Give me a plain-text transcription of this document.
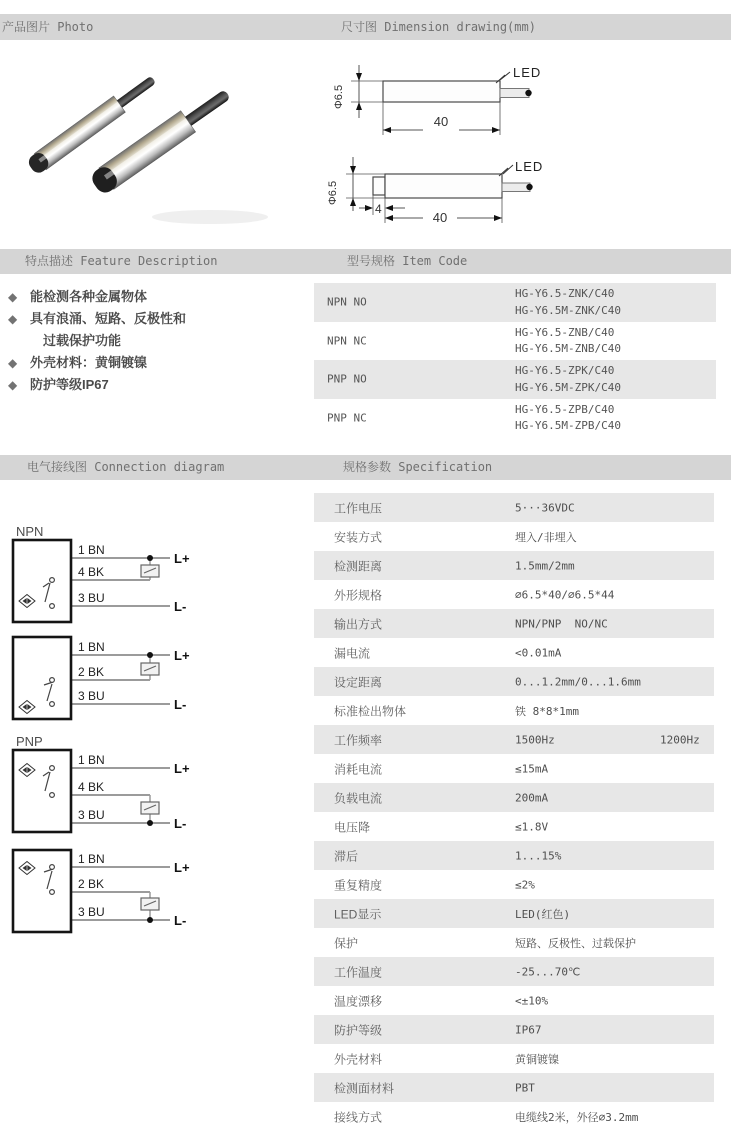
产品图片 Photo	尺寸图 Dimension drawing(mm)
LED
Φ6.5
40
LED
Φ6.5
4
40
特点描述 Feature Description	型号规格 Item Code
◆ 能检测各种金属物体
◆ 具有浪涌、短路、反极性和
过载保护功能
◆ 外壳材料：黄铜镀镍
◆ 防护等级IP67
NPN NO
HG-Y6.5-ZNK/C40
HG-Y6.5M-ZNK/C40
NPN NC
HG-Y6.5-ZNB/C40
HG-Y6.5M-ZNB/C40
PNP NO
HG-Y6.5-ZPK/C40
HG-Y6.5M-ZPK/C40
PNP NC
HG-Y6.5-ZPB/C40
HG-Y6.5M-ZPB/C40
电气接线图 Connection diagram	规格参数 Specification
NPN
1 BN
4 BK
3 BU
L+
L-
1 BN
2 BK
3 BU
L+
L-
PNP
1 BN
4 BK
3 BU
L+
L-
1 BN
2 BK
3 BU
L+
L-
工作电压	5···36VDC
安装方式	埋入/非埋入
检测距离	1.5mm/2mm
外形规格	∅6.5*40/∅6.5*44
输出方式	NPN/PNP  NO/NC
漏电流	<0.01mA
设定距离	0...1.2mm/0...1.6mm
标准检出物体	铁 8*8*1mm
工作频率	1500Hz	1200Hz
消耗电流	≤15mA
负载电流	200mA
电压降	≤1.8V
滞后	1...15%
重复精度	≤2%
LED显示	LED(红色)
保护	短路、反极性、过载保护
工作温度	-25...70℃
温度漂移	<±10%
防护等级	IP67
外壳材料	黄铜镀镍
检测面材料	PBT
接线方式	电缆线2米，外径∅3.2mm
